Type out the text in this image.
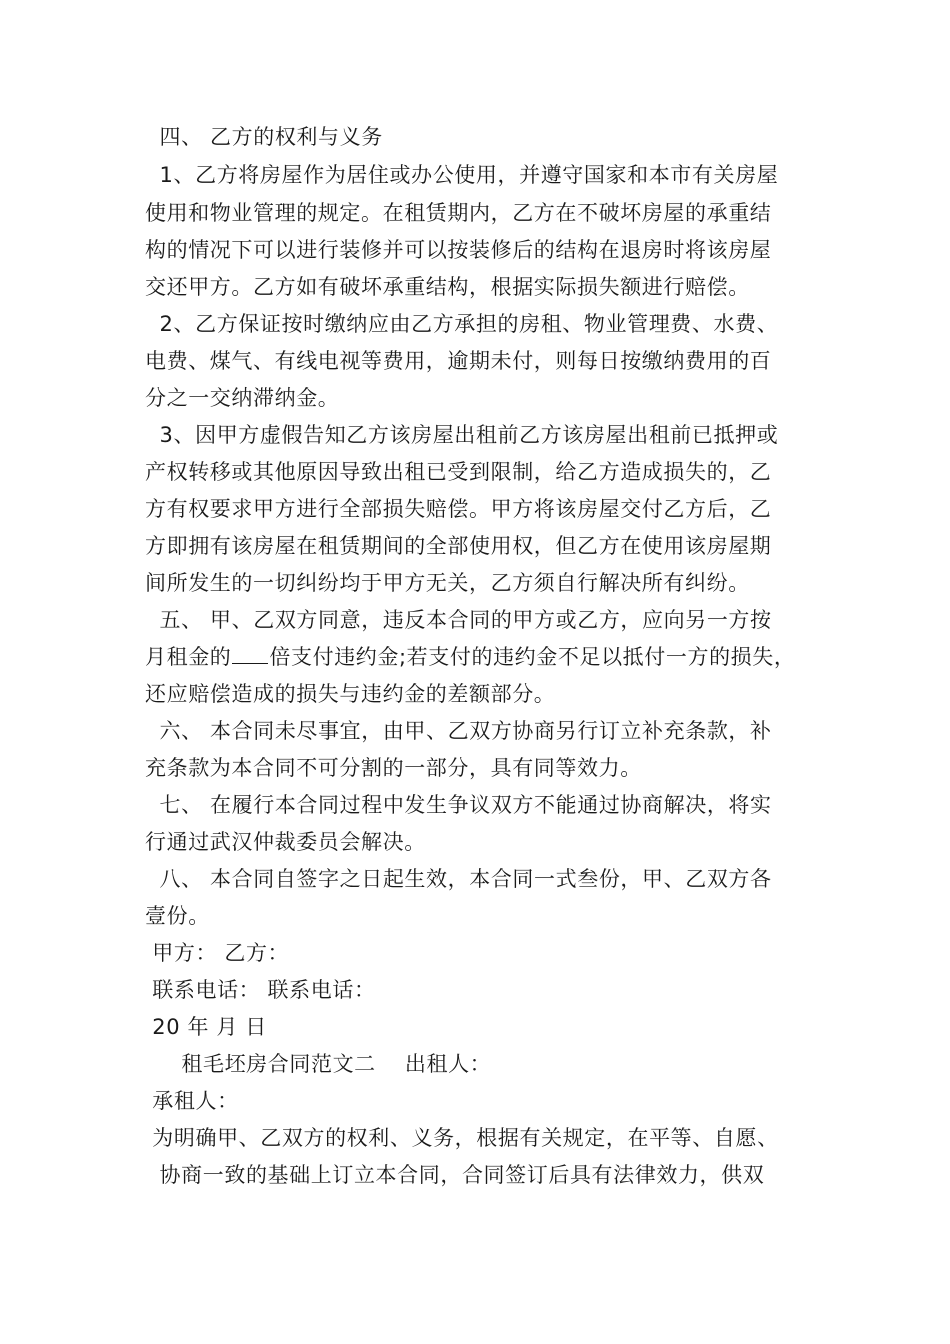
四、 乙方的权利与义务
1、乙方将房屋作为居住或办公使用，并遵守国家和本市有关房屋
使用和物业管理的规定。在租赁期内，乙方在不破坏房屋的承重结
构的情况下可以进行装修并可以按装修后的结构在退房时将该房屋
交还甲方。乙方如有破坏承重结构，根据实际损失额进行赔偿。
2、乙方保证按时缴纳应由乙方承担的房租、物业管理费、水费、
电费、煤气、有线电视等费用，逾期未付，则每日按缴纳费用的百
分之一交纳滞纳金。
3、因甲方虚假告知乙方该房屋出租前乙方该房屋出租前已抵押或
产权转移或其他原因导致出租已受到限制，给乙方造成损失的，乙
方有权要求甲方进行全部损失赔偿。甲方将该房屋交付乙方后，乙
方即拥有该房屋在租赁期间的全部使用权，但乙方在使用该房屋期
间所发生的一切纠纷均于甲方无关，乙方须自行解决所有纠纷。
五、 甲、乙双方同意，违反本合同的甲方或乙方，应向另一方按
月租金的 倍支付违约金;若支付的违约金不足以抵付一方的损失，
还应赔偿造成的损失与违约金的差额部分。
六、 本合同未尽事宜，由甲、乙双方协商另行订立补充条款，补
充条款为本合同不可分割的一部分，具有同等效力。
七、 在履行本合同过程中发生争议双方不能通过协商解决，将实
行通过武汉仲裁委员会解决。
八、 本合同自签字之日起生效，本合同一式叁份，甲、乙双方各
壹份。
甲方： 乙方：
联系电话： 联系电话：
20 年 月 日
租毛坯房合同范文二    出租人：
承租人：
为明确甲、乙双方的权利、义务，根据有关规定，在平等、自愿、
协商一致的基础上订立本合同，合同签订后具有法律效力，供双
